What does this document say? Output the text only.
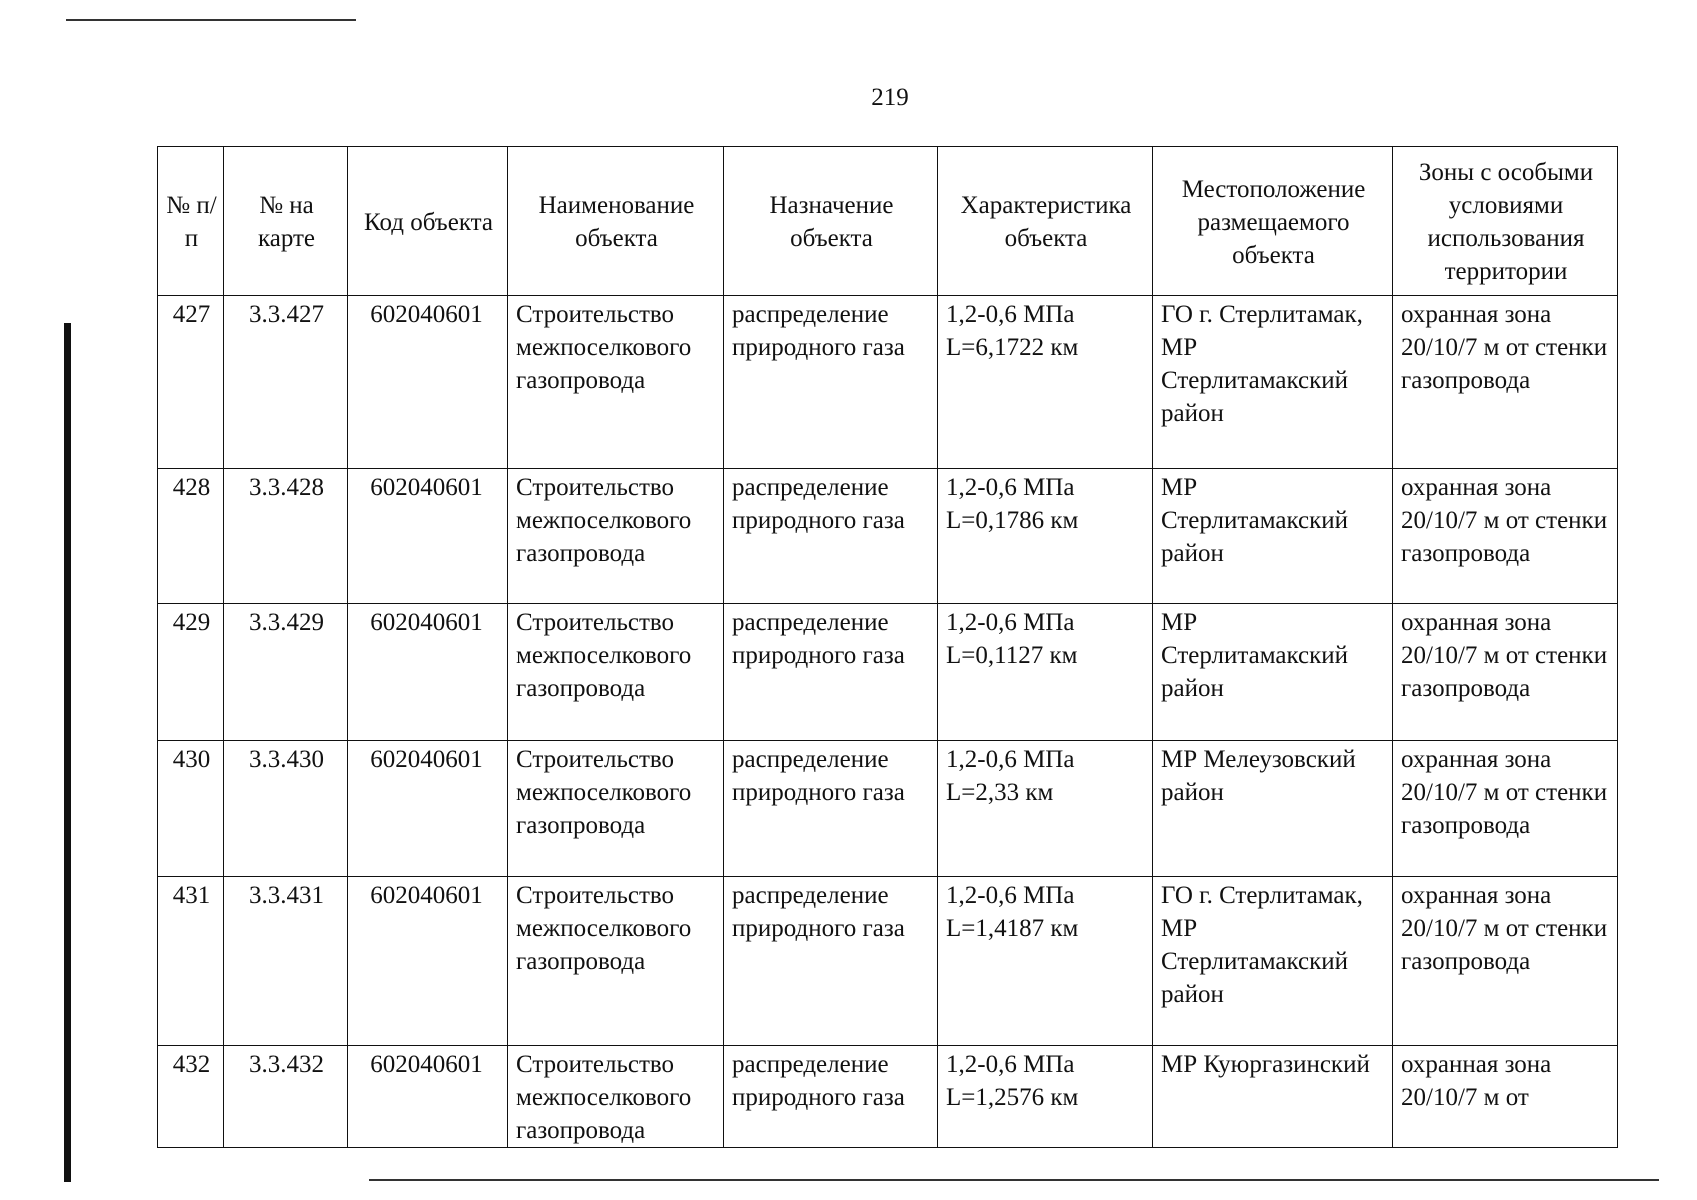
219
№ п/п	№ на карте	Код объекта	Наименование объекта	Назначение объекта	Характеристика объекта	Местоположение размещаемого объекта	Зоны с особыми условиями использования территории
427	3.3.427	602040601	Строительство межпоселкового газопровода	распределение природного газа	1,2-0,6 МПа L=6,1722 км	ГО г. Стерлитамак, МР Стерлитамакский район	охранная зона 20/10/7 м от стенки газопровода
428	3.3.428	602040601	Строительство межпоселкового газопровода	распределение природного газа	1,2-0,6 МПа L=0,1786 км	МР Стерлитамакский район	охранная зона 20/10/7 м от стенки газопровода
429	3.3.429	602040601	Строительство межпоселкового газопровода	распределение природного газа	1,2-0,6 МПа L=0,1127 км	МР Стерлитамакский район	охранная зона 20/10/7 м от стенки газопровода
430	3.3.430	602040601	Строительство межпоселкового газопровода	распределение природного газа	1,2-0,6 МПа L=2,33 км	МР Мелеузовский район	охранная зона 20/10/7 м от стенки газопровода
431	3.3.431	602040601	Строительство межпоселкового газопровода	распределение природного газа	1,2-0,6 МПа L=1,4187 км	ГО г. Стерлитамак, МР Стерлитамакский район	охранная зона 20/10/7 м от стенки газопровода
432	3.3.432	602040601	Строительство межпоселкового газопровода	распределение природного газа	1,2-0,6 МПа L=1,2576 км	МР Куюргазинский	охранная зона 20/10/7 м от
